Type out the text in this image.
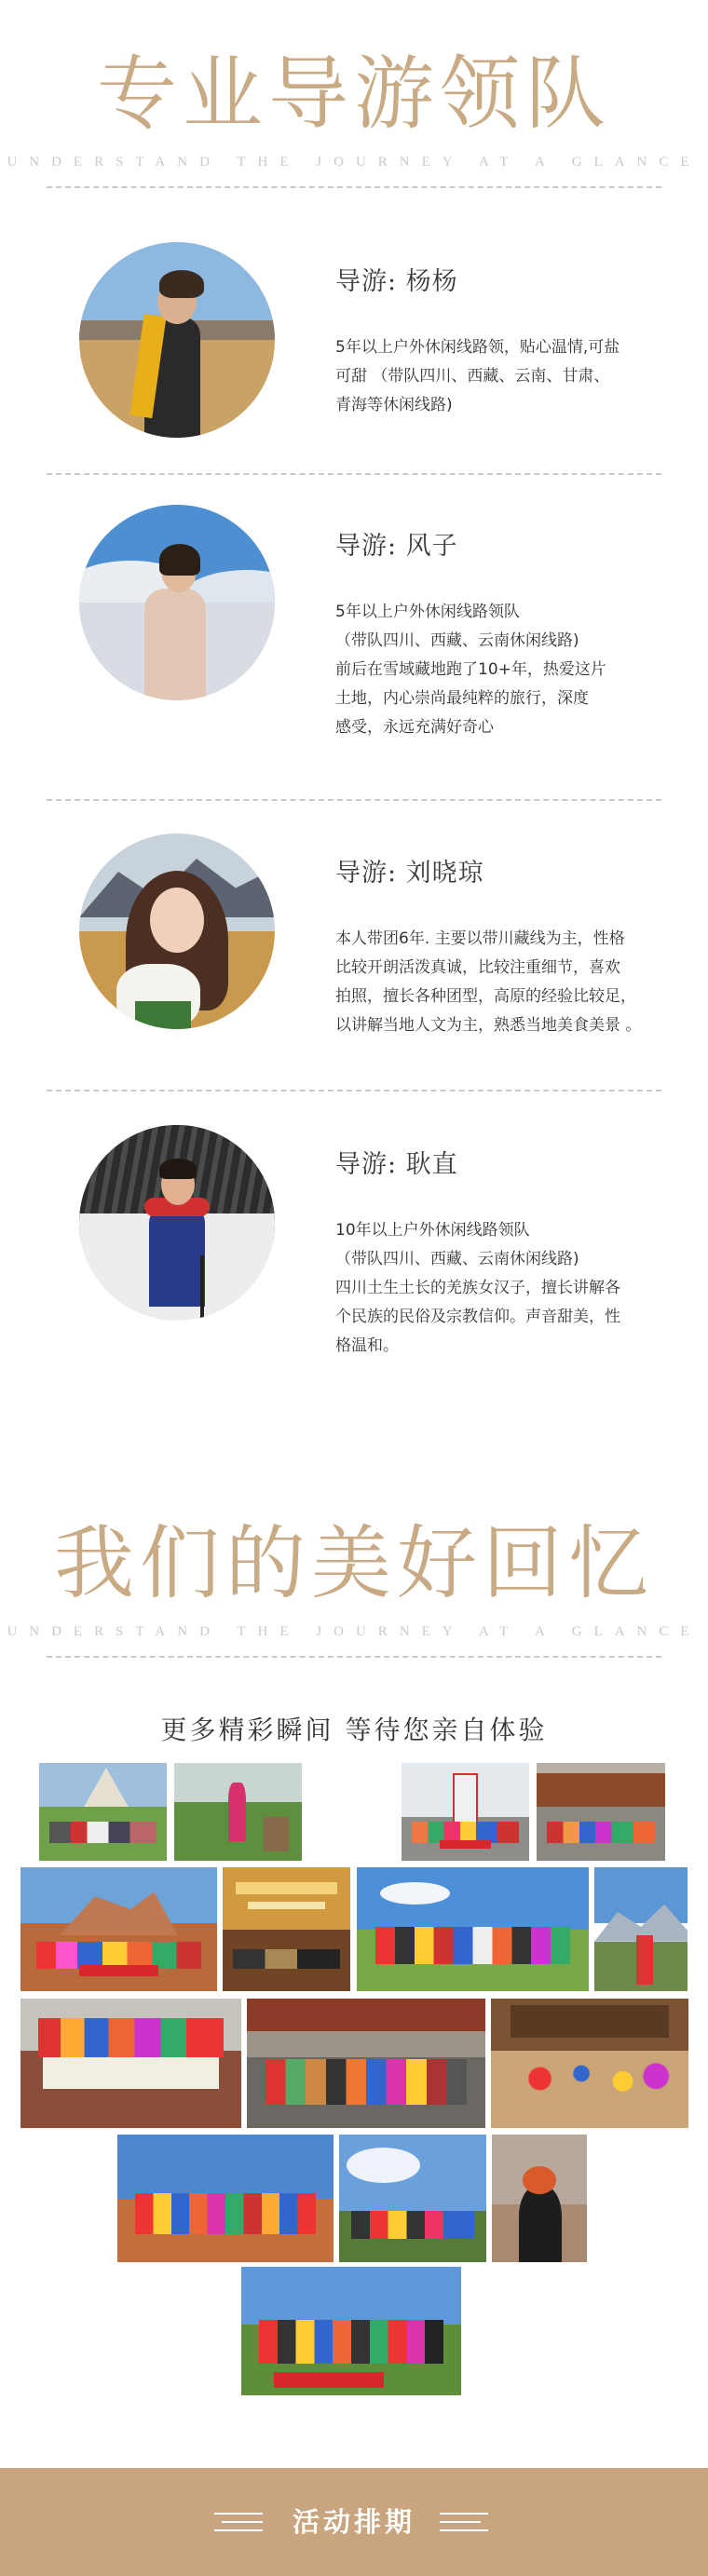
专业导游领队
UNDERSTAND THE JOURNEY AT A GLANCE
导游: 杨杨
5年以上户外休闲线路领，贴心温情,可盐
可甜 （带队四川、西藏、云南、甘肃、
青海等休闲线路)
导游: 风子
5年以上户外休闲线路领队
（带队四川、西藏、云南休闲线路)
前后在雪域藏地跑了10+年，热爱这片
土地，内心崇尚最纯粹的旅行，深度
感受，永远充满好奇心
导游: 刘晓琼
本人带团6年. 主要以带川藏线为主，性格
比较开朗活泼真诚，比较注重细节，喜欢
拍照，擅长各种团型，高原的经验比较足，
以讲解当地人文为主，熟悉当地美食美景 。
导游: 耿直
10年以上户外休闲线路领队
（带队四川、西藏、云南休闲线路)
四川土生土长的羌族女汉子，擅长讲解各
个民族的民俗及宗教信仰。声音甜美，性
格温和。
我们的美好回忆
UNDERSTAND THE JOURNEY AT A GLANCE
更多精彩瞬间 等待您亲自体验
活动排期
